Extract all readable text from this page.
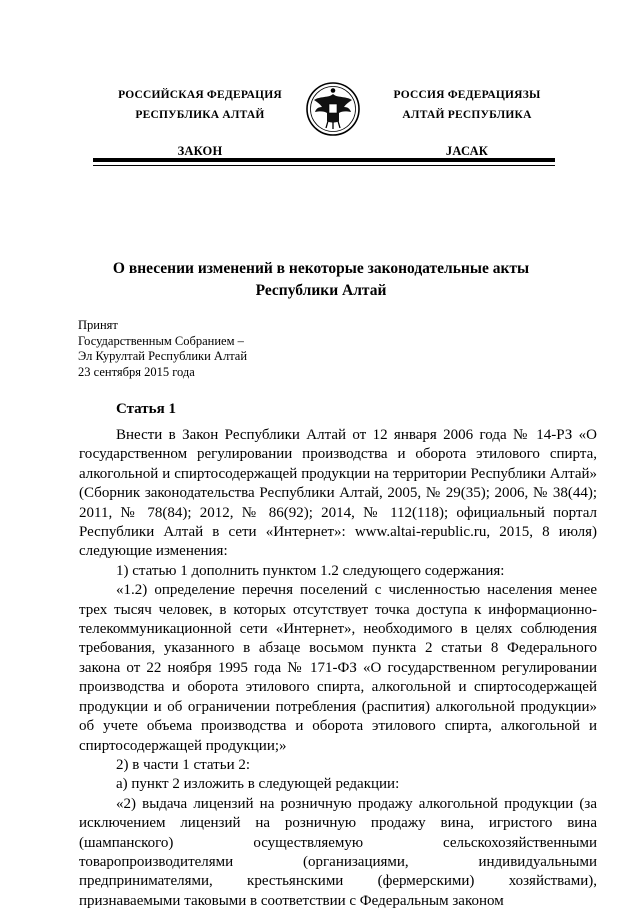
РОССИЙСКАЯ ФЕДЕРАЦИЯ
РЕСПУБЛИКА АЛТАЙ
ЗАКОН
РОССИЯ ФЕДЕРАЦИЯЗЫ
АЛТАЙ РЕСПУБЛИКА
JАСАК
О внесении изменений в некоторые законодательные акты
Республики Алтай
Принят
Государственным Собранием –
Эл Курултай Республики Алтай
23 сентября 2015 года
Статья 1

Внести в Закон Республики Алтай от 12 января 2006 года № 14-РЗ «О государственном регулировании производства и оборота этилового спирта, алкогольной и спиртосодержащей продукции на территории Республики Алтай» (Сборник законодательства Республики Алтай, 2005, № 29(35); 2006, № 38(44); 2011, № 78(84); 2012, № 86(92); 2014, № 112(118); официальный портал Республики Алтай в сети «Интернет»: www.altai-republic.ru, 2015, 8 июля) следующие изменения:

1) статью 1 дополнить пунктом 1.2 следующего содержания:

«1.2) определение перечня поселений с численностью населения менее трех тысяч человек, в которых отсутствует точка доступа к информационно-телекоммуникационной сети «Интернет», необходимого в целях соблюдения требования, указанного в абзаце восьмом пункта 2 статьи 8 Федерального закона от 22 ноября 1995 года № 171-ФЗ «О государственном регулировании производства и оборота этилового спирта, алкогольной и спиртосодержащей продукции и об ограничении потребления (распития) алкогольной продукции» об учете объема производства и оборота этилового спирта, алкогольной и спиртосодержащей продукции;»

2) в части 1 статьи 2:

а) пункт 2 изложить в следующей редакции:

«2) выдача лицензий на розничную продажу алкогольной продукции (за исключением лицензий на розничную продажу вина, игристого вина (шампанского) осуществляемую сельскохозяйственными товаропроизводителями (организациями, индивидуальными предпринимателями, крестьянскими (фермерскими) хозяйствами), признаваемыми таковыми в соответствии с Федеральным законом
